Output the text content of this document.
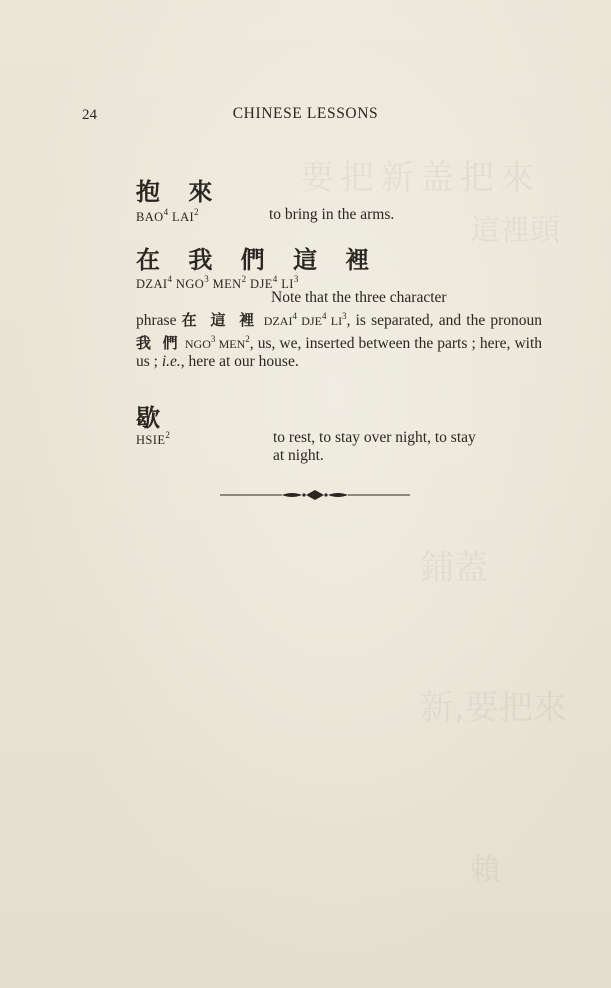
要把新盖把來
這裡頭
鋪蓋
新,要把來
賴
24	CHINESE LESSONS
抱 來
BAO$^4$ LAI$^2$	to bring in the arms.
在 我 們 這 裡
DZAI$^4$ NGO$^3$ MEN$^2$ DJE$^4$ $LI^3$
Note that the three character
phrase 在 這 裡 DZAI$^4$ DJE$^4$ $LI^3$, is separated, and the pronoun 我 們 NGO$^3$ MEN$^2$, us, we, inserted between the parts ; here, with us ; i.e., here at our house.
歇
HSIE$^2$	to rest, to stay over night, to stay
at night.
